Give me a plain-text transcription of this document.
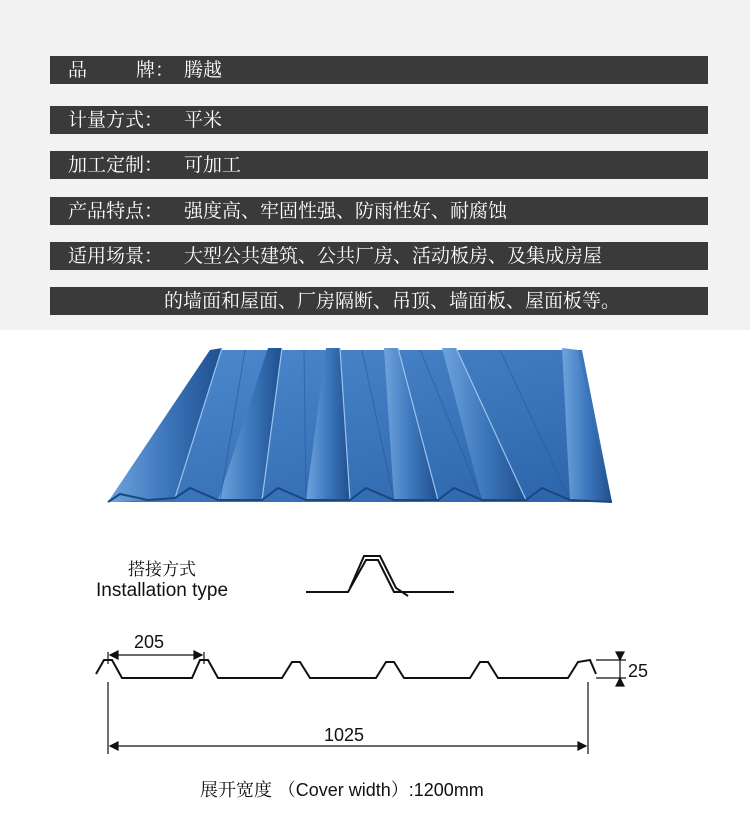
品	牌： 腾越
计量方式： 平米
加工定制： 可加工
产品特点： 强度高、牢固性强、防雨性好、耐腐蚀
适用场景： 大型公共建筑、公共厂房、活动板房、及集成房屋
的墙面和屋面、厂房隔断、吊顶、墙面板、屋面板等。
205
25
1025
搭接方式
Installation type
展开宽度 （Cover width）:1200mm
